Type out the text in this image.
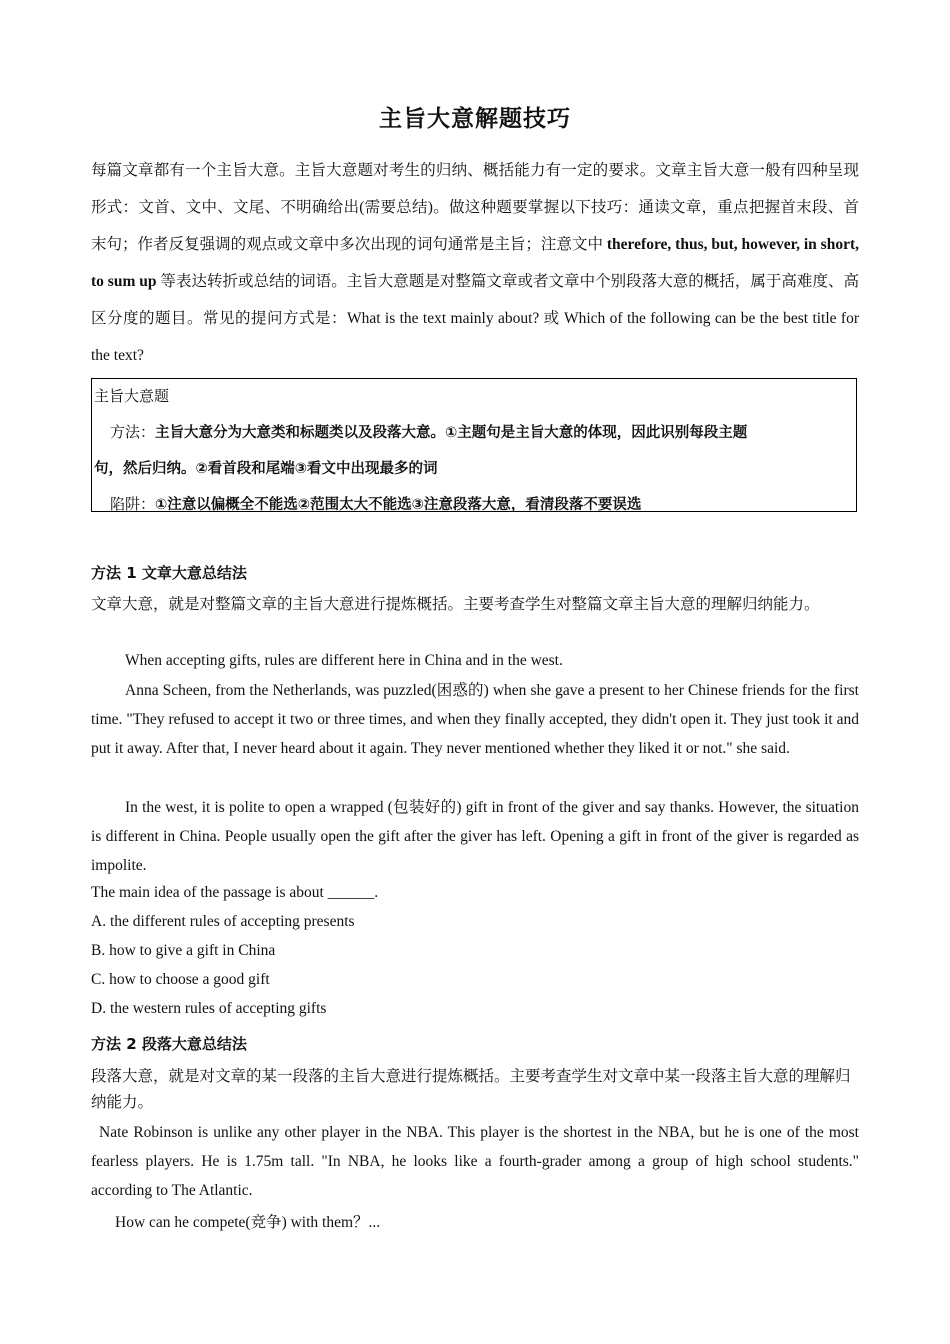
主旨大意解题技巧
每篇文章都有一个主旨大意。主旨大意题对考生的归纳、概括能力有一定的要求。文章主旨大意一般有四种呈现形式：文首、文中、文尾、不明确给出(需要总结)。做这种题要掌握以下技巧：通读文章，重点把握首末段、首末句；作者反复强调的观点或文章中多次出现的词句通常是主旨；注意文中 therefore, thus, but, however, in short, to sum up 等表达转折或总结的词语。主旨大意题是对整篇文章或者文章中个别段落大意的概括，属于高难度、高区分度的题目。常见的提问方式是：What is the text mainly about? 或 Which of the following can be the best title for the text?
主旨大意题
方法：主旨大意分为大意类和标题类以及段落大意。①主题句是主旨大意的体现，因此识别每段主题
句，然后归纳。②看首段和尾端③看文中出现最多的词
陷阱：①注意以偏概全不能选②范围太大不能选③注意段落大意，看清段落不要误选
方法 1 文章大意总结法
文章大意，就是对整篇文章的主旨大意进行提炼概括。主要考查学生对整篇文章主旨大意的理解归纳能力。
When accepting gifts, rules are different here in China and in the west.
Anna Scheen, from the Netherlands, was puzzled(困惑的) when she gave a present to her Chinese friends for the first time. "They refused to accept it two or three times, and when they finally accepted, they didn't open it. They just took it and put it away. After that, I never heard about it again. They never mentioned whether they liked it or not." she said.
In the west, it is polite to open a wrapped (包装好的) gift in front of the giver and say thanks. However, the situation is different in China. People usually open the gift after the giver has left. Opening a gift in front of the giver is regarded as impolite.
The main idea of the passage is about ______.
A. the different rules of accepting presents
B. how to give a gift in China
C. how to choose a good gift
D. the western rules of accepting gifts
方法 2 段落大意总结法
段落大意，就是对文章的某一段落的主旨大意进行提炼概括。主要考查学生对文章中某一段落主旨大意的理解归纳能力。
Nate Robinson is unlike any other player in the NBA. This player is the shortest in the NBA, but he is one of the most fearless players. He is 1.75m tall. "In NBA, he looks like a fourth-grader among a group of high school students." according to The Atlantic.
How can he compete(竞争) with them？...
